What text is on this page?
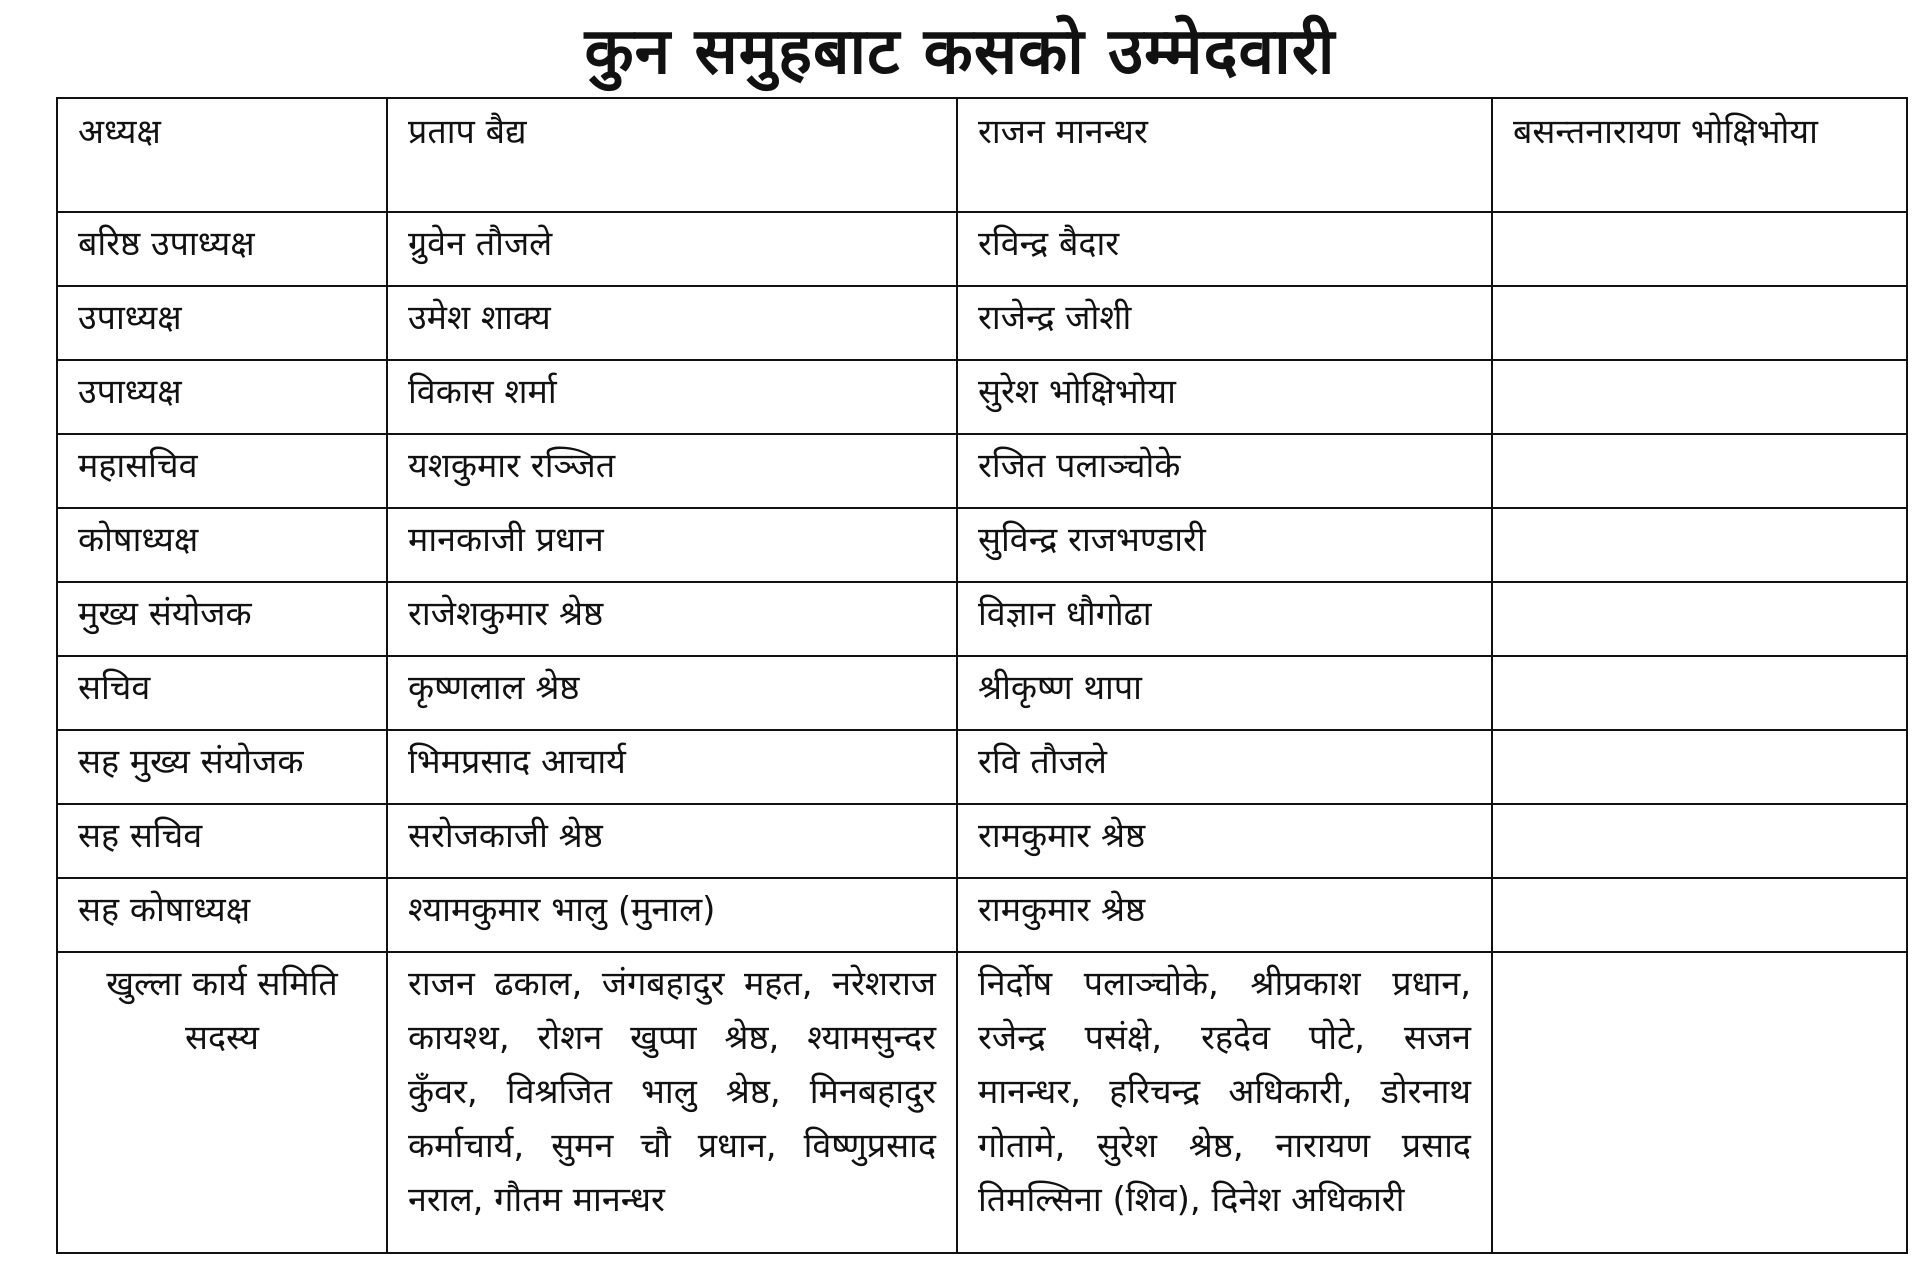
कुन समुहबाट कसको उम्मेदवारी
अध्यक्ष	प्रताप बैद्य	राजन मानन्धर	बसन्तनारायण भोक्षिभोया

बरिष्ठ उपाध्यक्ष	ग्रुवेन तौजले	रविन्द्र बैदार	

उपाध्यक्ष	उमेश शाक्य	राजेन्द्र जोशी	

उपाध्यक्ष	विकास शर्मा	सुरेश भोक्षिभोया	

महासचिव	यशकुमार रञ्जित	रजित पलाञ्चोके	

कोषाध्यक्ष	मानकाजी प्रधान	सुविन्द्र राजभण्डारी	

मुख्य संयोजक	राजेशकुमार श्रेष्ठ	विज्ञान धौगोढा	

सचिव	कृष्णलाल श्रेष्ठ	श्रीकृष्ण थापा	

सह मुख्य संयोजक	भिमप्रसाद आचार्य	रवि तौजले	

सह सचिव	सरोजकाजी श्रेष्ठ	रामकुमार श्रेष्ठ	

सह कोषाध्यक्ष	श्यामकुमार भालु (मुनाल)	रामकुमार श्रेष्ठ	

खुल्ला कार्य समिति सदस्य	राजन ढकाल, जंगबहादुर महत, नरेशराज कायश्थ, रोशन खुप्पा श्रेष्ठ, श्यामसुन्दर कुँवर, विश्रजित भालु श्रेष्ठ, मिनबहादुर कर्माचार्य, सुमन चौ प्रधान, विष्णुप्रसाद नराल, गौतम मानन्धर	निर्दोष पलाञ्चोके, श्रीप्रकाश प्रधान, रजेन्द्र पसंक्षे, रहदेव पोटे, सजन मानन्धर, हरिचन्द्र अधिकारी, डोरनाथ गोतामे, सुरेश श्रेष्ठ, नारायण प्रसाद तिमल्सिना (शिव), दिनेश अधिकारी	
